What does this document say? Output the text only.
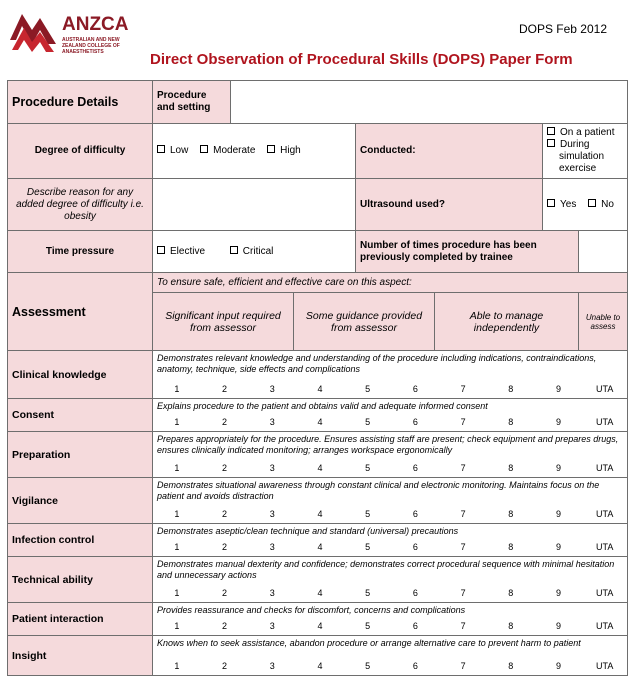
ANZCA
AUSTRALIAN AND NEW ZEALAND COLLEGE OF ANAESTHETISTS
DOPS Feb 2012
Direct Observation of Procedural Skills (DOPS) Paper Form
Procedure Details	Procedure and setting	
Degree of difficulty	Low Moderate High	Conducted:	
On a patient
During simulation exercise

Describe reason for any added degree of difficulty i.e. obesity		Ultrasound used?	Yes No
Time pressure	Elective	Critical	Number of times procedure has been previously completed by trainee	
Assessment	To ensure safe, efficient and effective care on this aspect:
Significant input required from assessor	Some guidance provided from assessor	Able to manage independently	Unable to assess
Clinical knowledge	Demonstrates relevant knowledge and understanding of the procedure including indications, contraindications, anatomy, technique, side effects and complications

1	2	3	4	5	6	7	8	9	UTA

Consent	Explains procedure to the patient and obtains valid and adequate informed consent

1	2	3	4	5	6	7	8	9	UTA

Preparation	Prepares appropriately for the procedure. Ensures assisting staff are present; check equipment and prepares drugs, ensures clinically indicated monitoring; arranges workspace ergonomically

1	2	3	4	5	6	7	8	9	UTA

Vigilance	Demonstrates situational awareness through constant clinical and electronic monitoring. Maintains focus on the patient and avoids distraction

1	2	3	4	5	6	7	8	9	UTA

Infection control	Demonstrates aseptic/clean technique and standard (universal) precautions

1	2	3	4	5	6	7	8	9	UTA

Technical ability	Demonstrates manual dexterity and confidence; demonstrates correct procedural sequence with minimal hesitation and unnecessary actions

1	2	3	4	5	6	7	8	9	UTA

Patient interaction	Provides reassurance and checks for discomfort, concerns and complications

1	2	3	4	5	6	7	8	9	UTA

Insight	Knows when to seek assistance, abandon procedure or arrange alternative care to prevent harm to patient

1	2	3	4	5	6	7	8	9	UTA
